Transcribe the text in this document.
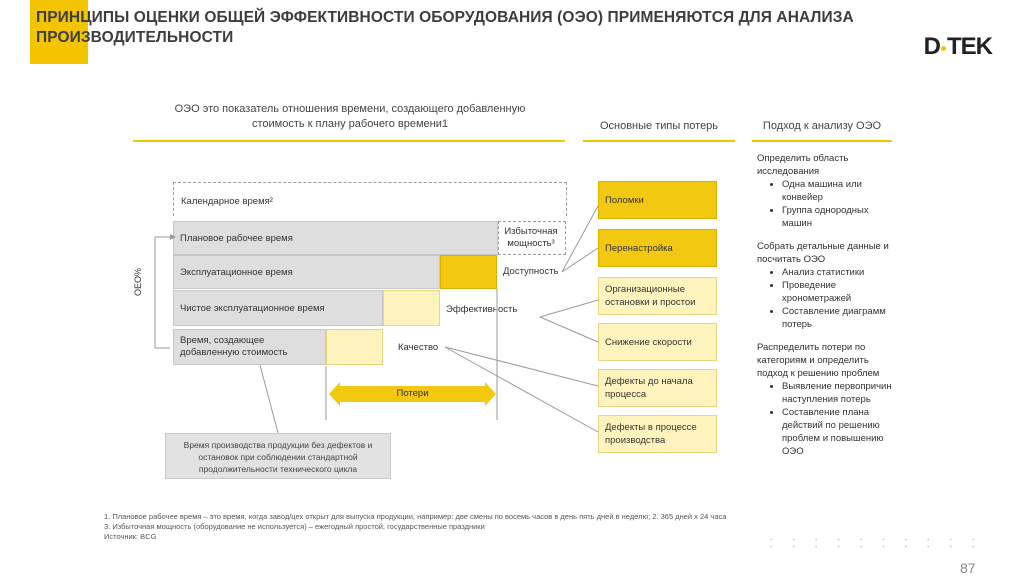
ПРИНЦИПЫ ОЦЕНКИ ОБЩЕЙ ЭФФЕКТИВНОСТИ ОБОРУДОВАНИЯ (ОЭО) ПРИМЕНЯЮТСЯ ДЛЯ АНАЛИЗА ПРОИЗВОДИТЕЛЬНОСТИ	D TEK
ОЭО это показатель отношения времени, создающего добавленную стоимость к плану рабочего времени1	Основные типы потерь	Подход к анализу ОЭО
Календарное время²
Плановое рабочее время
Избыточная мощность³
Эксплуатационное время	Доступность
Чистое эксплуатационное время	Эффективность
Время, создающее добавленную стоимость	Качество
ОЕО%
Потери
Время производства продукции без дефектов и остановок при соблюдении стандартной продолжительности технического цикла
Поломки
Перенастройка
Организационные остановки и простои
Снижение скорости
Дефекты до начала процесса
Дефекты в процессе производства
Определить область исследования
• Одна машина или конвейер
• Группа однородных машин
Собрать детальные данные и посчитать ОЭО
• Анализ статистики
• Проведение хронометражей
• Составление диаграмм потерь
Распределить потери по категориям и определить подход к решению проблем
• Выявление первопричин наступления потерь
• Составление плана действий по решению проблем и повышению ОЭО
1. Плановое рабочее время – это время, когда завод/цех открыт для выпуска продукции, например: две смены по восемь часов в день пять дней в неделю; 2. 365 дней x 24 часа
3. Избыточная мощность (оборудование не используется) – ежегодный простой, государственные праздники
Источник: BCG	••••••••••
••••••••••
87
